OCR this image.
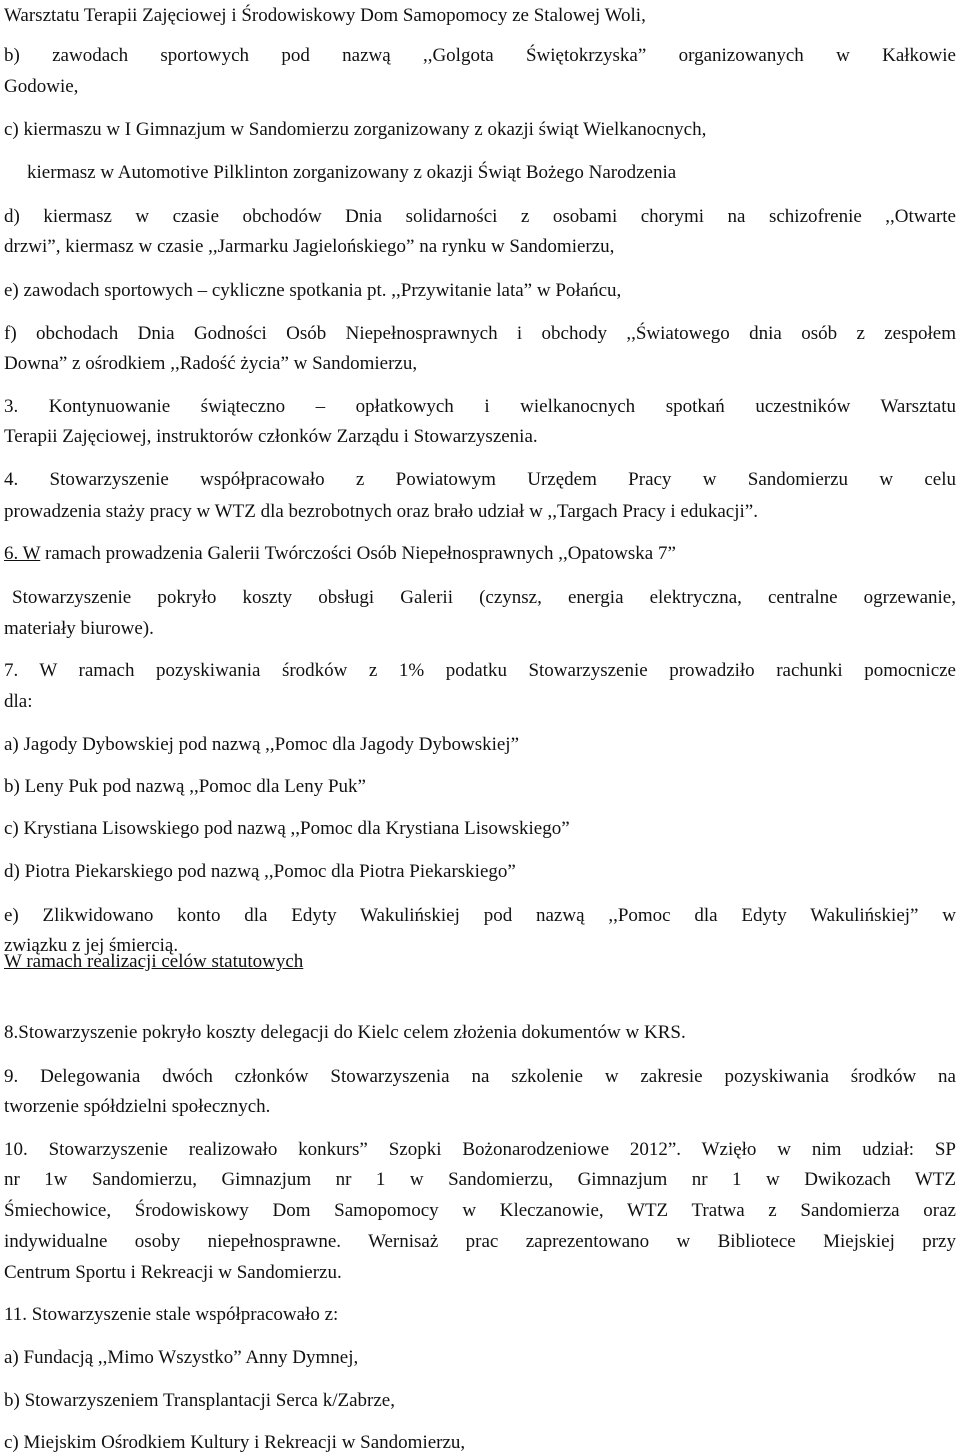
Warsztatu Terapii Zajęciowej i Środowiskowy Dom Samopomocy ze Stalowej Woli,
b) zawodach sportowych pod nazwą ,,Golgota Świętokrzyska” organizowanych w Kałkowie
Godowie,
c) kiermaszu w I Gimnazjum w Sandomierzu zorganizowany z okazji świąt Wielkanocnych,
kiermasz w Automotive Pilklinton zorganizowany z okazji Świąt Bożego Narodzenia
d) kiermasz w czasie obchodów Dnia solidarności z osobami chorymi na schizofrenie ,,Otwarte
drzwi”, kiermasz w czasie ,,Jarmarku Jagielońskiego” na rynku w Sandomierzu,
e) zawodach sportowych – cykliczne spotkania pt. ,,Przywitanie lata” w Połańcu,
f) obchodach Dnia Godności Osób Niepełnosprawnych i obchody ,,Światowego dnia osób z zespołem
Downa” z ośrodkiem ,,Radość życia” w Sandomierzu,
3. Kontynuowanie świąteczno – opłatkowych i wielkanocnych spotkań uczestników Warsztatu
Terapii Zajęciowej, instruktorów członków Zarządu i Stowarzyszenia.
4. Stowarzyszenie współpracowało z Powiatowym Urzędem Pracy w Sandomierzu w celu
prowadzenia staży pracy w WTZ dla bezrobotnych oraz brało udział w ,,Targach Pracy i edukacji”.
6. W ramach prowadzenia Galerii Twórczości Osób Niepełnosprawnych ,,Opatowska 7”
Stowarzyszenie pokryło koszty obsługi Galerii (czynsz, energia elektryczna, centralne ogrzewanie,
materiały biurowe).
7. W ramach pozyskiwania środków z 1% podatku Stowarzyszenie prowadziło rachunki pomocnicze
dla:
a) Jagody Dybowskiej pod nazwą ,,Pomoc dla Jagody Dybowskiej”
b) Leny Puk pod nazwą ,,Pomoc dla Leny Puk”
c) Krystiana Lisowskiego pod nazwą ,,Pomoc dla Krystiana Lisowskiego”
d) Piotra Piekarskiego pod nazwą ,,Pomoc dla Piotra Piekarskiego”
e) Zlikwidowano konto dla Edyty Wakulińskiej pod nazwą ,,Pomoc dla Edyty Wakulińskiej” w
związku z jej śmiercią.
W ramach realizacji celów statutowych
8.Stowarzyszenie pokryło koszty delegacji do Kielc celem złożenia dokumentów w KRS.
9. Delegowania dwóch członków Stowarzyszenia na szkolenie w zakresie pozyskiwania środków na
tworzenie spółdzielni społecznych.
10. Stowarzyszenie realizowało konkurs” Szopki Bożonarodzeniowe 2012”. Wzięło w nim udział: SP
nr 1w Sandomierzu, Gimnazjum nr 1 w Sandomierzu, Gimnazjum nr 1 w Dwikozach WTZ
Śmiechowice, Środowiskowy Dom Samopomocy w Kleczanowie, WTZ Tratwa z Sandomierza oraz
indywidualne osoby niepełnosprawne. Wernisaż prac zaprezentowano w Bibliotece Miejskiej przy
Centrum Sportu i Rekreacji w Sandomierzu.
11. Stowarzyszenie stale współpracowało z:
a) Fundacją ,,Mimo Wszystko” Anny Dymnej,
b) Stowarzyszeniem Transplantacji Serca k/Zabrze,
c) Miejskim Ośrodkiem Kultury i Rekreacji w Sandomierzu,
